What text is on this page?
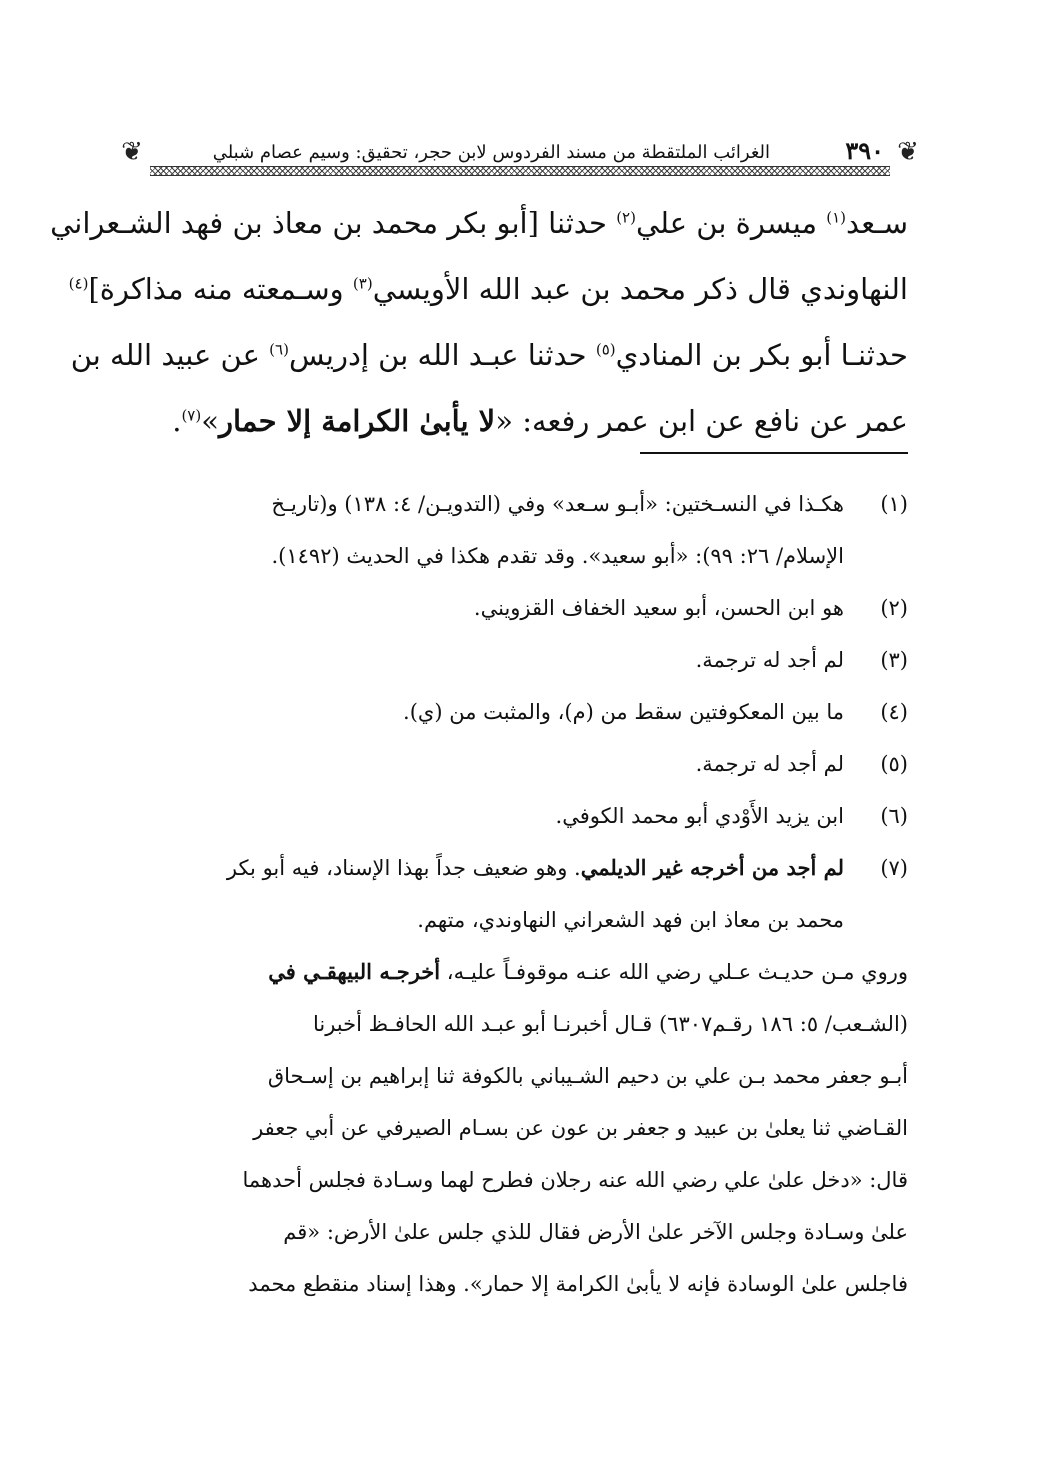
❦
٣٩٠
الغرائب الملتقطة من مسند الفردوس لابن حجر، تحقيق: وسيم عصام شبلي
❦
سـعد$^{(١)}$ ميسرة بن علي$^{(٢)}$ حدثنا [أبو بكر محمد بن معاذ بن فهد الشـعراني
النهاوندي قال ذكر محمد بن عبد الله الأويسي$^{(٣)}$ وسـمعته منه مذاكرة]$^{(٤)}$
حدثنـا أبو بكر بن المنادي$^{(٥)}$ حدثنا عبـد الله بن إدريس$^{(٦)}$ عن عبيد الله بن
عمر عن نافع عن ابن عمر رفعه: «لا يأبىٰ الكرامة إلا حمار»$^{(٧)}$.
(١)
هكـذا في النسـختين: «أبـو سـعد» وفي (التدويـن/ ٤: ١٣٨) و(تاريـخ
الإسلام/ ٢٦: ٩٩): «أبو سعيد». وقد تقدم هكذا في الحديث (١٤٩٢).
(٢)
هو ابن الحسن، أبو سعيد الخفاف القزويني.
(٣)
لم أجد له ترجمة.
(٤)
ما بين المعكوفتين سقط من (م)، والمثبت من (ي).
(٥)
لم أجد له ترجمة.
(٦)
ابن يزيد الأَوْدي أبو محمد الكوفي.
(٧)
لم أجد من أخرجه غير الديلمي. وهو ضعيف جداً بهذا الإسناد، فيه أبو بكر
محمد بن معاذ ابن فهد الشعراني النهاوندي، متهم.
وروي مـن حديـث عـلي رضي الله عنـه موقوفـاً عليـه، أخرجـه البيهقـي في
(الشـعب/ ٥: ١٨٦ رقـم٦٣٠٧) قـال أخبرنـا أبو عبـد الله الحافـظ أخبرنا
أبـو جعفر محمد بـن علي بن دحيم الشـيباني بالكوفة ثنا إبراهيم بن إسـحاق
القـاضي ثنا يعلىٰ بن عبيد و جعفر بن عون عن بسـام الصيرفي عن أبي جعفر
قال: «دخل علىٰ علي رضي الله عنه رجلان فطرح لهما وسـادة فجلس أحدهما
علىٰ وسـادة وجلس الآخر علىٰ الأرض فقال للذي جلس علىٰ الأرض: «قم
فاجلس علىٰ الوسادة فإنه لا يأبىٰ الكرامة إلا حمار». وهذا إسناد منقطع محمد
